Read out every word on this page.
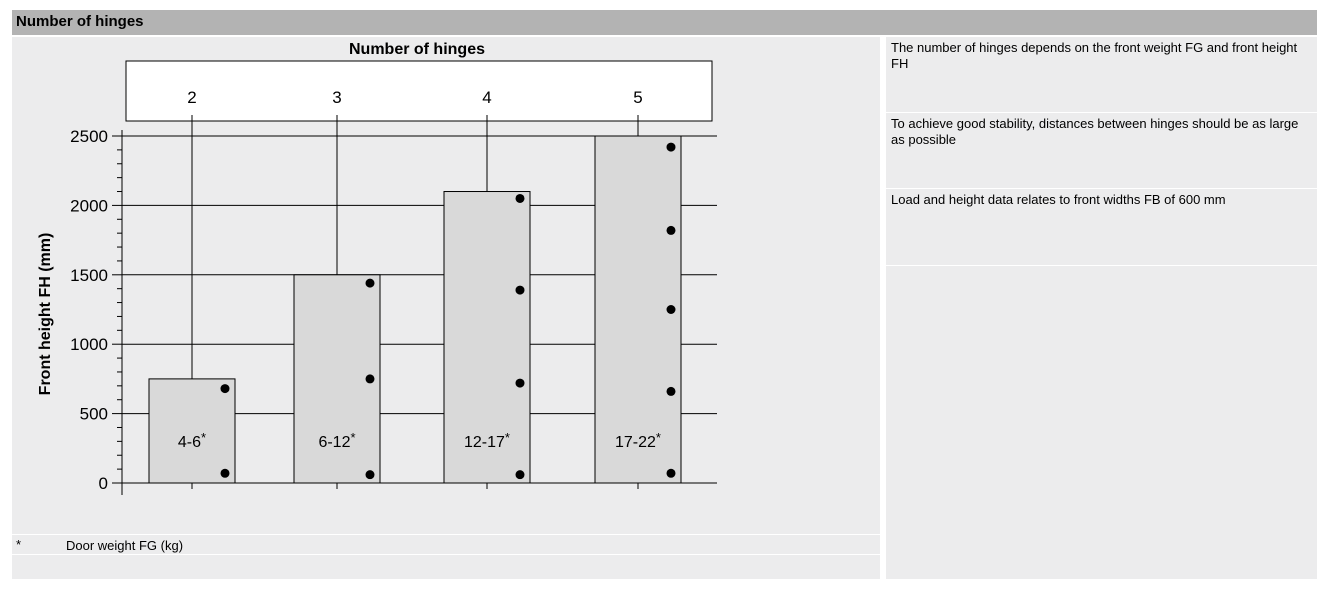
Number of hinges
Number of hinges
Front height FH (mm)
2	3	4	5
4-6*	6-12*	12-17*	17-22*
0
500
1000
1500
2000
2500
*	Door weight FG (kg)
The number of hinges depends on the front weight FG and front height FH
To achieve good stability, distances between hinges should be as large as possible
Load and height data relates to front widths FB of 600 mm
